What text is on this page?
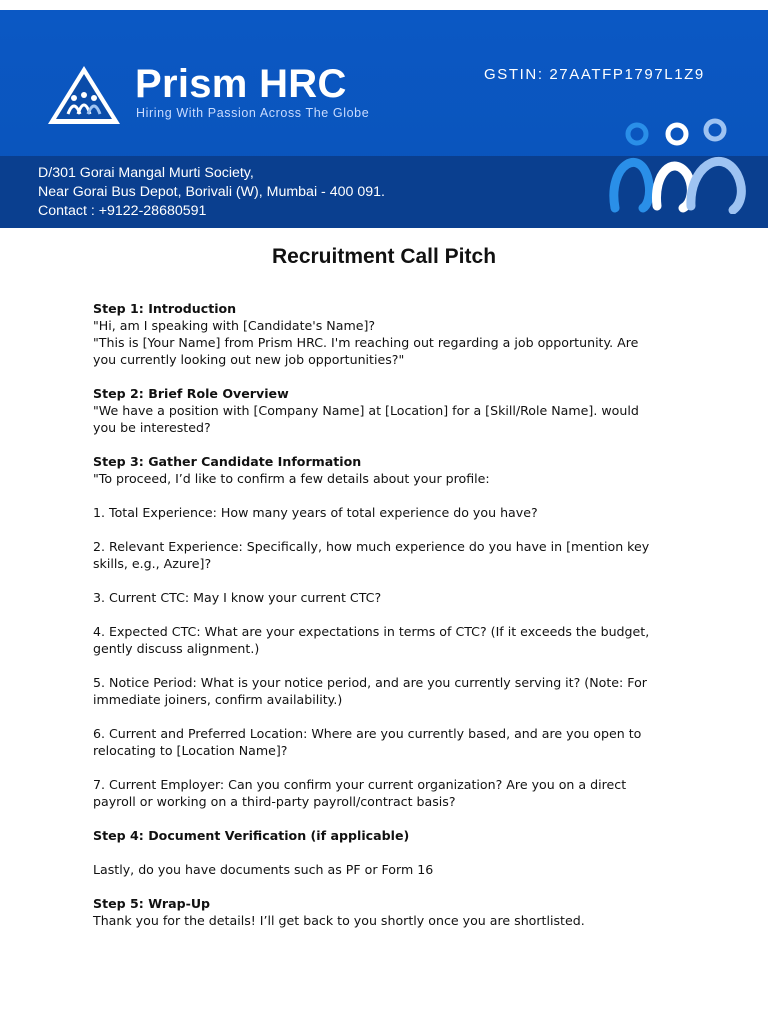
Prism HRC
Hiring With Passion Across The Globe
GSTIN: 27AATFP1797L1Z9
D/301 Gorai Mangal Murti Society,
Near Gorai Bus Depot, Borivali (W), Mumbai - 400 091.
Contact : +9122-28680591
Recruitment Call Pitch

Step 1: Introduction

"Hi, am I speaking with [Candidate's Name]?

"This is [Your Name] from Prism HRC. I'm reaching out regarding a job opportunity. Are

you currently looking out new job opportunities?"

Step 2: Brief Role Overview

"We have a position with [Company Name] at [Location] for a [Skill/Role Name]. would

you be interested?

Step 3: Gather Candidate Information

"To proceed, I’d like to confirm a few details about your profile:

1. Total Experience: How many years of total experience do you have?

2. Relevant Experience: Specifically, how much experience do you have in [mention key

skills, e.g., Azure]?

3. Current CTC: May I know your current CTC?

4. Expected CTC: What are your expectations in terms of CTC? (If it exceeds the budget,

gently discuss alignment.)

5. Notice Period: What is your notice period, and are you currently serving it? (Note: For

immediate joiners, confirm availability.)

6. Current and Preferred Location: Where are you currently based, and are you open to

relocating to [Location Name]?

7. Current Employer: Can you confirm your current organization? Are you on a direct

payroll or working on a third-party payroll/contract basis?

Step 4: Document Verification (if applicable)

Lastly, do you have documents such as PF or Form 16

Step 5: Wrap-Up

Thank you for the details! I’ll get back to you shortly once you are shortlisted.
